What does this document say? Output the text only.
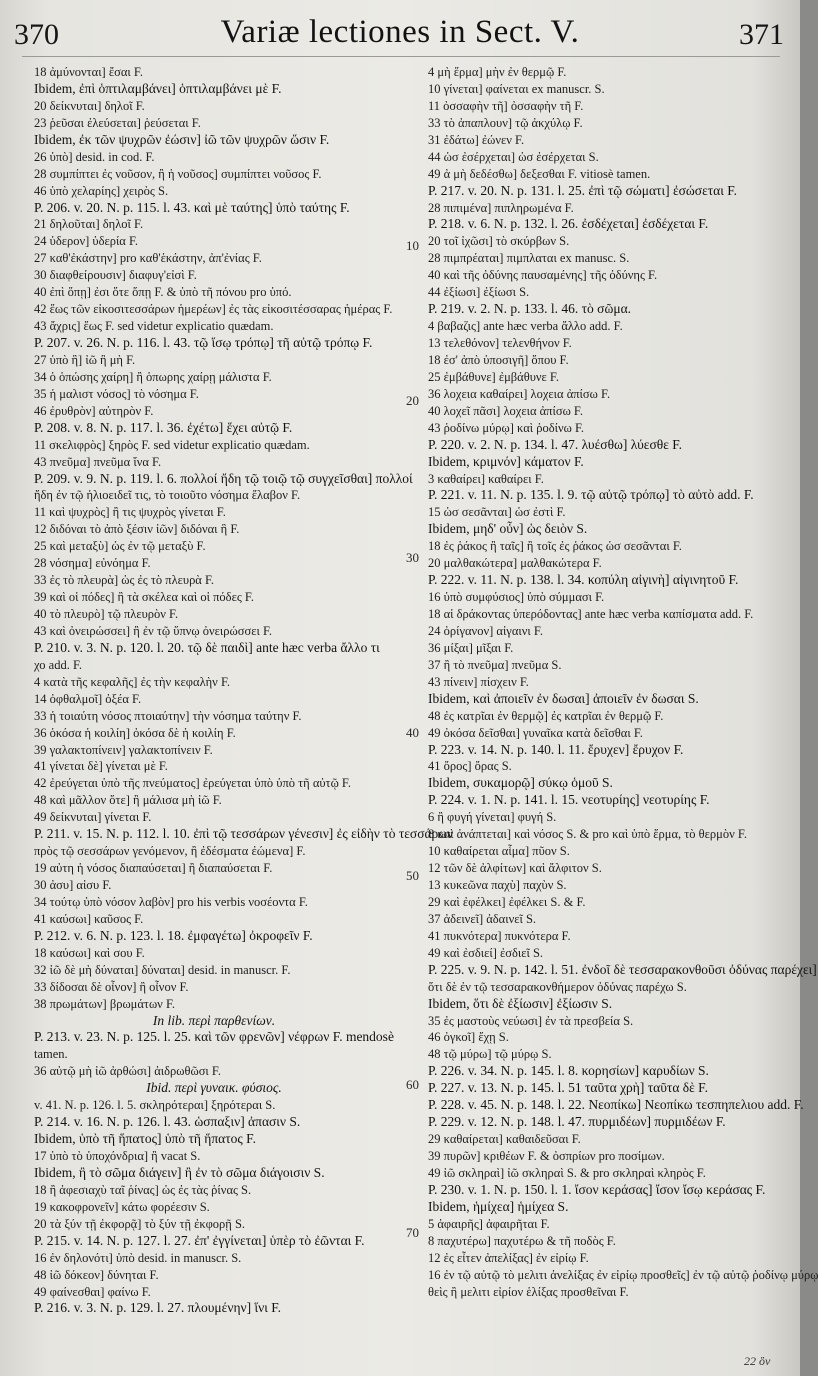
370	Variæ lectiones in Sect. V.	371
18 ἀμύνονται] ἔσαι F.
Ibidem, ἐπὶ ὁπτιλαμβάνει] ὁπτιλαμβάνει μὲ F.
20 δείκνυται] δηλοῖ F.
23 ῥεῦσαι ἐλεύσεται] ῥεύσεται F.
Ibidem, ἐκ τῶν ψυχρῶν ἐώσιν] ἰῶ τῶν ψυχρῶν ὥσιν F.
26 ὑπὸ] desid. in cod. F.
28 συμπίπτει ἐς νοῦσον, ἢ ἡ νοῦσος] συμπίπτει νοῦσος F.
46 ὑπὸ χελαρίης] χειρὸς S.
P. 206. v. 20. N. p. 115. l. 43. καὶ μὲ ταύτης] ὑπὸ ταύτης F.
21 δηλοῦται] δηλοῖ F.
24 ὑδερον] ὑδερία F.
27 καθ'ἐκάστην] pro καθ'ἑκάστην, ἀπ'ἐνίας F.
30 διαφθείρουσιν] διαφυγ'εἰσὶ F.
40 ἐπὶ ὅπῃ] ἐσι ὅτε ὅπῃ F. & ὑπὸ τῆ πόνου pro ὑπό.
42 ἕως τῶν εἰκοσιτεσσάρων ἡμερέων] ἐς τὰς εἰκοσιτέσσαρας ἡμέρας F.
43 ἄχρις] ἕως F. sed videtur explicatio quædam.
P. 207. v. 26. N. p. 116. l. 43. τῷ ἴσῳ τρόπῳ] τῆ αὐτῷ τρόπῳ F.
27 ὑπὸ ἣ] ἰῶ ἣ μὴ F.
34 ὁ ὁπώσης χαίρη] ἢ ὁπωρης χαίρῃ μάλιστα F.
35 ἡ μαλιστ νόσος] τὸ νόσημα F.
46 ἐρυθρὸν] αὐτηρὸν F.
P. 208. v. 8. N. p. 117. l. 36. ἐχέτω] ἕχει αὐτῷ F.
11 σκελιφρὸς] ξηρὸς F. sed videtur explicatio quædam.
43 πνεῦμα] πνεῦμα ἴνα F.
P. 209. v. 9. N. p. 119. l. 6. πολλοί ἤδη τῷ τοιῷ τῷ συγχεῖσθαι] πολλοί
ἤδη ἐν τῷ ἡλιοειδεῖ τις, τὸ τοιοῦτο νόσημα ἔλαβον F.
11 καὶ ψυχρὸς] ἢ τις ψυχρὸς γίνεται F.
12 διδόναι τὸ ἀπὸ ξέσιν ἰῶν] διδόναι ἣ F.
25 καὶ μεταξὺ] ὡς ἐν τῷ μεταξὺ F.
28 νόσημα] εὐνόημα F.
33 ἐς τὸ πλευρὰ] ὡς ἐς τὸ πλευρὰ F.
39 καὶ οἱ πόδες] ἢ τὰ σκέλεα καὶ οἱ πόδες F.
40 τὸ πλευρὸ] τῷ πλευρὸν F.
43 καὶ ὀνειρώσσει] ἢ ἐν τῷ ὕπνῳ ὀνειρώσσει F.
P. 210. v. 3. N. p. 120. l. 20. τῷ δὲ παιδὶ] ante hæc verba ἄλλο τι
χο add. F.
4 κατὰ τῆς κεφαλῆς] ἐς τὴν κεφαλὴν F.
14 ὀφθαλμοῖ] ὀξέα F.
33 ἡ τοιαύτη νόσος πτοιαύτην] τὴν νόσημα ταύτην F.
36 ὁκόσα ἡ κοιλίη] ὀκόσα δὲ ἡ κοιλίη F.
39 γαλακτοπίνειν] γαλακτοπίνειν F.
41 γίνεται δὲ] γίνεται μὲ F.
42 ἐρεύγεται ὑπὸ τῆς πνεύματος] ἐρεύγεται ὑπὸ ὑπὸ τῆ αὐτῷ F.
48 καὶ μᾶλλον ὅτε] ἢ μάλισα μὴ ἰῶ F.
49 δείκνυται] γίνεται F.
P. 211. v. 15. N. p. 112. l. 10. ἐπὶ τῷ τεσσάρων γένεσιν] ἐς εἰδὴν τὸ τεσσάρων
πρὸς τῷ σεσσάρων γενόμενον, ἢ ἐδέσματα ἐώμενα] F.
19 αὐτη ἡ νόσος διαπαύσεται] ἢ διαπαύσεται F.
30 ἀσυ] αἰσυ F.
34 τούτῳ ὑπὸ νόσον λαβὸν] pro his verbis νοσέοντα F.
41 καύσωι] καῦσος F.
P. 212. v. 6. N. p. 123. l. 18. ἐμφαγέτω] ὀκροφεῖν F.
18 καύσωι] καὶ σου F.
32 ἰῶ δὲ μὴ δύναται] δύναται] desid. in manuscr. F.
33 δίδοσαι δὲ οἶνον] ἢ οἶνον F.
38 πρωμάτων] βρωμάτων F.
In lib. περὶ παρθενίων.
P. 213. v. 23. N. p. 125. l. 25. καὶ τῶν φρενῶν] νέφρων F. mendosè
tamen.
36 αὐτῷ μὴ ἰῶ ἀρθώσι] ἀιδρωθῶσι F.
Ibid. περὶ γυναικ. φύσιος.
v. 41. N. p. 126. l. 5. σκληρότεραι] ξηρότεραι S.
P. 214. v. 16. N. p. 126. l. 43. ὡσπαξιν] ἀπασιν S.
Ibidem, ὑπὸ τῆ ἥπατος] ὑπὸ τῆ ἥπατος F.
17 ὑπὸ τὸ ὑποχόνδρια] ἢ vacat S.
Ibidem, ἢ τὸ σῶμα διάγειν] ἢ ἐν τὸ σῶμα διάγοισιν S.
18 ἢ ἀφεσιαχὺ ταῖ ῥίνας] ὡς ἐς τὰς ῥίνας S.
19 κακοφρονεῖν] κάτω φορέεσιν S.
20 τὰ ξύν τῇ ἐκφορᾷ] τὸ ξύν τῇ ἐκφορῇ S.
P. 215. v. 14. N. p. 127. l. 27. ἐπ' ἐγγίνεται] ὑπὲρ τὸ ἐῶνται F.
16 ἐν δηλονότι] ὑπὸ desid. in manuscr. S.
48 ἰῶ δόκεον] δύνηται F.
49 φαίνεσθαι] φαίνω F.
P. 216. v. 3. N. p. 129. l. 27. πλουμένην] ἵνι F.
10
20
30
40
50
60
70
4 μὴ ἕρμα] μὴν ἐν θερμῷ F.
10 γίνεται] φαίνεται ex manuscr. S.
11 ὀσσαφὴν τῆ] ὀσσαφὴν τῆ F.
33 τὸ ἀπαπλουν] τῷ ἀκχύλῳ F.
31 ἐδάτω] ἐώνεν F.
44 ὡσ ἐσέρχεται] ὡσ ἐσέρχεται S.
49 ἀ μὴ δεδέσθω] δεξεσθαι F. vitiosè tamen.
P. 217. v. 20. N. p. 131. l. 25. ἐπὶ τῷ σώματι] ἐσώσεται F.
28 πιπιμένα] πιπληρωμένα F.
P. 218. v. 6. N. p. 132. l. 26. ἐσδέχεται] ἐσδέχεται F.
20 τοῖ ἰχῶσι] τὸ σκύρβων S.
28 πιμπρέαται] πιμπλαται ex manusc. S.
40 καὶ τῆς ὀδύνης παυσαμένης] τῆς ὀδύνης F.
44 ἐξίωσι] ἐξίωσι S.
P. 219. v. 2. N. p. 133. l. 46. τὸ σῶμα.
4 βαβαζις] ante hæc verba ἄλλο add. F.
13 τελεθόνον] τελενθήνον F.
18 ἐσ' ἀπὸ ὑποσιγῆ] ὅπου F.
25 ἐμβάθυνε] ἐμβάθυνε F.
36 λοχεια καθαίρει] λοχεια ἀπίσω F.
40 λοχεῖ πᾶσι] λοχεια ἀπίσω F.
43 ῥοδίνω μύρῳ] καὶ ῥοδίνω F.
P. 220. v. 2. N. p. 134. l. 47. λυέσθω] λύεσθε F.
Ibidem, κριμνόν] κάματον F.
3 καθαίρει] καθαίρει F.
P. 221. v. 11. N. p. 135. l. 9. τῷ αὐτῷ τρόπῳ] τὸ αὐτὸ add. F.
15 ὡσ σεσᾶνται] ὡσ ἐστὶ F.
Ibidem, μηδ' οὖν] ὡς δειὸν S.
18 ἐς ῥάκος ἢ ταῖς] ἢ τοῖς ἐς ῥάκος ὡσ σεσᾶνται F.
20 μαλθακώτερα] μαλθακώτερα F.
P. 222. v. 11. N. p. 138. l. 34. κοπύλη αἰγινὴ] αἰγινητοῦ F.
16 ὑπὸ συμφύσιος] ὑπὸ σύμμασι F.
18 αἱ δράκοντας ὑπερόδοντας] ante hæc verba καπίσματα add. F.
24 ὀρίγανον] αἰγαινι F.
36 μίξαι] μῖξαι F.
37 ἢ τὸ πνεῦμα] πνεῦμα S.
43 πίνειν] πίσχειν F.
Ibidem, καὶ ἀποιεῖν ἐν δωσαι] ἀποιεῖν ἐν δωσαι S.
48 ἐς κατρῖαι ἐν θερμῷ] ἐς κατρῖαι ἐν θερμῷ F.
49 ὀκόσα δεῖσθαι] γυναῖκα κατὰ δεῖσθαι F.
P. 223. v. 14. N. p. 140. l. 11. ἔρυχεν] ἔρυχον F.
41 ὄρος] ὄρας S.
Ibidem, συκαμορῷ] σύκῳ ὁμοῦ S.
P. 224. v. 1. N. p. 141. l. 15. νεοτυρίης] νεοτυρίης F.
6 ἢ φυγή γίνεται] φυγή S.
8 καὶ ἀνάπτεται] καὶ νόσος S. & pro καὶ ὑπὸ ἕρμα, τὸ θερμὸν F.
10 καθαίρεται αἷμα] πῦον S.
12 τῶν δὲ ἀλφίτων] καὶ ἄλφιτον S.
13 κυκεῶνα παχὺ] παχὺν S.
29 καὶ ἐφέλκει] ἐφέλκει S. & F.
37 ἀδεινεῖ] ἀδαινεῖ S.
41 πυκνότερα] πυκνότερα F.
49 καὶ ἐσδιεί] ἐσδιεῖ S.
P. 225. v. 9. N. p. 142. l. 51. ἐνδοῖ δὲ τεσσαρακονθοῦσι ὀδύνας παρέχει]
ὅτι δὲ ἐν τῷ τεσσαρακονθήμερον ὀδύνας παρέχω S.
Ibidem, ὅτι δὲ ἐξίωσιν] ἐξίωσιν S.
35 ἐς μαστοὺς νεύωσι] ἐν τὰ πρεσβεία S.
46 ὀγκοῖ] ἔχῃ S.
48 τῷ μύρω] τῷ μύρῳ S.
P. 226. v. 34. N. p. 145. l. 8. κορησίων] καρυδίων S.
P. 227. v. 13. N. p. 145. l. 51 ταῦτα χρὴ] ταῦτα δὲ F.
P. 228. v. 45. N. p. 148. l. 22. Νεοπίκω] Νεοπίκω τεσπηπελιου add. F.
P. 229. v. 12. N. p. 148. l. 47. πυρμιδέων] πυρμιδέων F.
29 καθαίρεται] καθαιδεῦσαι F.
39 πυρῶν] κριθέων F. & ὀσπρίων pro ποσίμων.
49 ἰῶ σκληραὶ] ἰῶ σκληραὶ S. & pro σκληραὶ κληρὸς F.
P. 230. v. 1. N. p. 150. l. 1. ἴσον κεράσας] ἴσον ἴσῳ κεράσας F.
Ibidem, ἡμίχεα] ἡμίχεα S.
5 ἀφαιρῆς] ἀφαιρῆται F.
8 παχυτέρω] παχυτέρω & τῆ ποδὸς F.
12 ἐς εἶτεν ἀπελίξας] ἐν εἰρίῳ F.
16 ἐν τῷ αὐτῷ τὸ μελιτι ἀνελίξας ἐν εἰρίῳ προσθεῖς] ἐν τῷ αὐτῷ ῥοδίνῳ μύρῳ
θεὶς ἢ μελιτι εἰρίον ἑλίξας προσθεῖναι F.
22 ὃν
